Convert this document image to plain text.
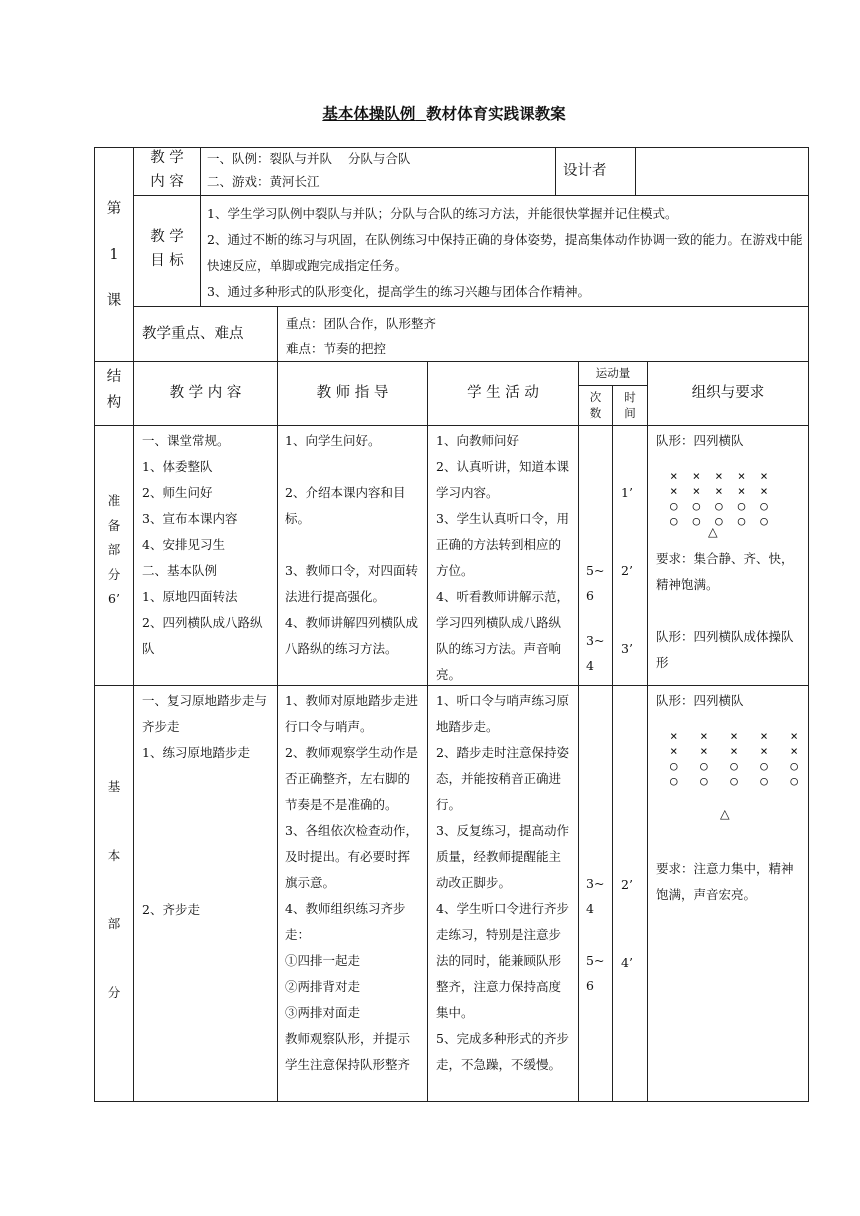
基本体操队例 教材体育实践课教案
第
1
课
教 学
内 容
一、队例：裂队与并队    分队与合队
二、游戏：黄河长江
设计者
教 学
目 标
1、学生学习队例中裂队与并队；分队与合队的练习方法，并能很快掌握并记住模式。
2、通过不断的练习与巩固，在队例练习中保持正确的身体姿势，提高集体动作协调一致的能力。在游戏中能快速反应，单脚或跑完成指定任务。
3、通过多种形式的队形变化，提高学生的练习兴趣与团体合作精神。
教学重点、难点
重点：团队合作，队形整齐
难点：节奏的把控
结
构
教 学 内 容	教 师 指 导	学 生 活 动
运动量
次
数
时
间
组织与要求
准
备
部
分
6’
一、课堂常规。
1、体委整队
2、师生问好
3、宣布本课内容
4、安排见习生
二、基本队例
1、原地四面转法
2、四列横队成八路纵
队
1、向学生问好。

2、介绍本课内容和目
标。

3、教师口令，对四面转
法进行提高强化。
4、教师讲解四列横队成
八路纵的练习方法。
1、向教师问好
2、认真听讲，知道本课
学习内容。
3、学生认真听口令，用
正确的方法转到相应的
方位。
4、听看教师讲解示范，
学习四列横队成八路纵
队的练习方法。声音响
亮。
5~
6
3~
4
1’
2’
3’
队形：四列横队

×  ×  ×  ×  ×
×  ×  ×  ×  ×
○  ○  ○  ○  ○
○  ○  ○  ○  ○
△
要求：集合静、齐、快，
精神饱满。
队形：四列横队成体操队
形
基
本
部
分
一、复习原地踏步走与
齐步走
1、练习原地踏步走
2、齐步走
1、教师对原地踏步走进
行口令与哨声。
2、教师观察学生动作是
否正确整齐，左右脚的
节奏是不是准确的。
3、各组依次检查动作，
及时提出。有必要时挥
旗示意。
4、教师组织练习齐步
走：
①四排一起走
②两排背对走
③两排对面走
教师观察队形，并提示
学生注意保持队形整齐
1、听口令与哨声练习原
地踏步走。
2、踏步走时注意保持姿
态，并能按稍音正确进
行。
3、反复练习，提高动作
质量，经教师提醒能主
动改正脚步。
4、学生听口令进行齐步
走练习，特别是注意步
法的同时，能兼顾队形
整齐，注意力保持高度
集中。
5、完成多种形式的齐步
走，不急躁，不缓慢。
3~
4
5~
6
2’
4’
队形：四列横队

×   ×   ×   ×   ×
×   ×   ×   ×   ×
○   ○   ○   ○   ○
○   ○   ○   ○   ○
△
要求：注意力集中，精神
饱满，声音宏亮。
